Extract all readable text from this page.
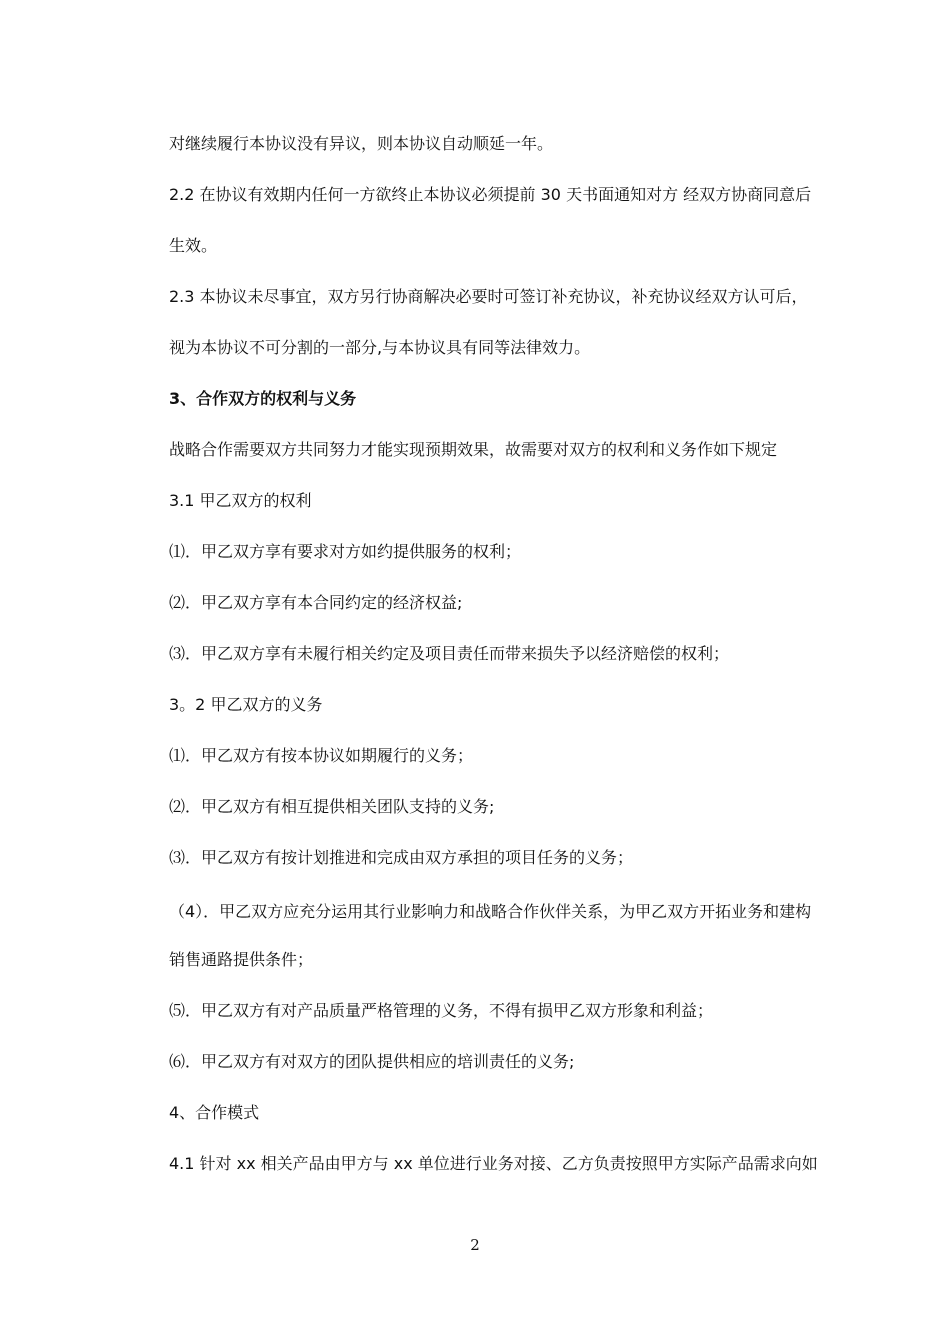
对继续履行本协议没有异议，则本协议自动顺延一年。
2.2 在协议有效期内任何一方欲终止本协议必须提前 30 天书面通知对方 经双方协商同意后
生效。
2.3 本协议未尽事宜，双方另行协商解决必要时可签订补充协议，补充协议经双方认可后，
视为本协议不可分割的一部分,与本协议具有同等法律效力。
3、合作双方的权利与义务
战略合作需要双方共同努力才能实现预期效果，故需要对双方的权利和义务作如下规定
3.1 甲乙双方的权利
⑴．甲乙双方享有要求对方如约提供服务的权利；
⑵．甲乙双方享有本合同约定的经济权益;
⑶．甲乙双方享有未履行相关约定及项目责任而带来损失予以经济赔偿的权利；
3。2 甲乙双方的义务
⑴．甲乙双方有按本协议如期履行的义务；
⑵．甲乙双方有相互提供相关团队支持的义务;
⑶．甲乙双方有按计划推进和完成由双方承担的项目任务的义务；
（4）．甲乙双方应充分运用其行业影响力和战略合作伙伴关系，为甲乙双方开拓业务和建构
销售通路提供条件；
⑸．甲乙双方有对产品质量严格管理的义务，不得有损甲乙双方形象和利益；
⑹．甲乙双方有对双方的团队提供相应的培训责任的义务;
4、合作模式
4.1 针对 xx 相关产品由甲方与 xx 单位进行业务对接、乙方负责按照甲方实际产品需求向如
2
